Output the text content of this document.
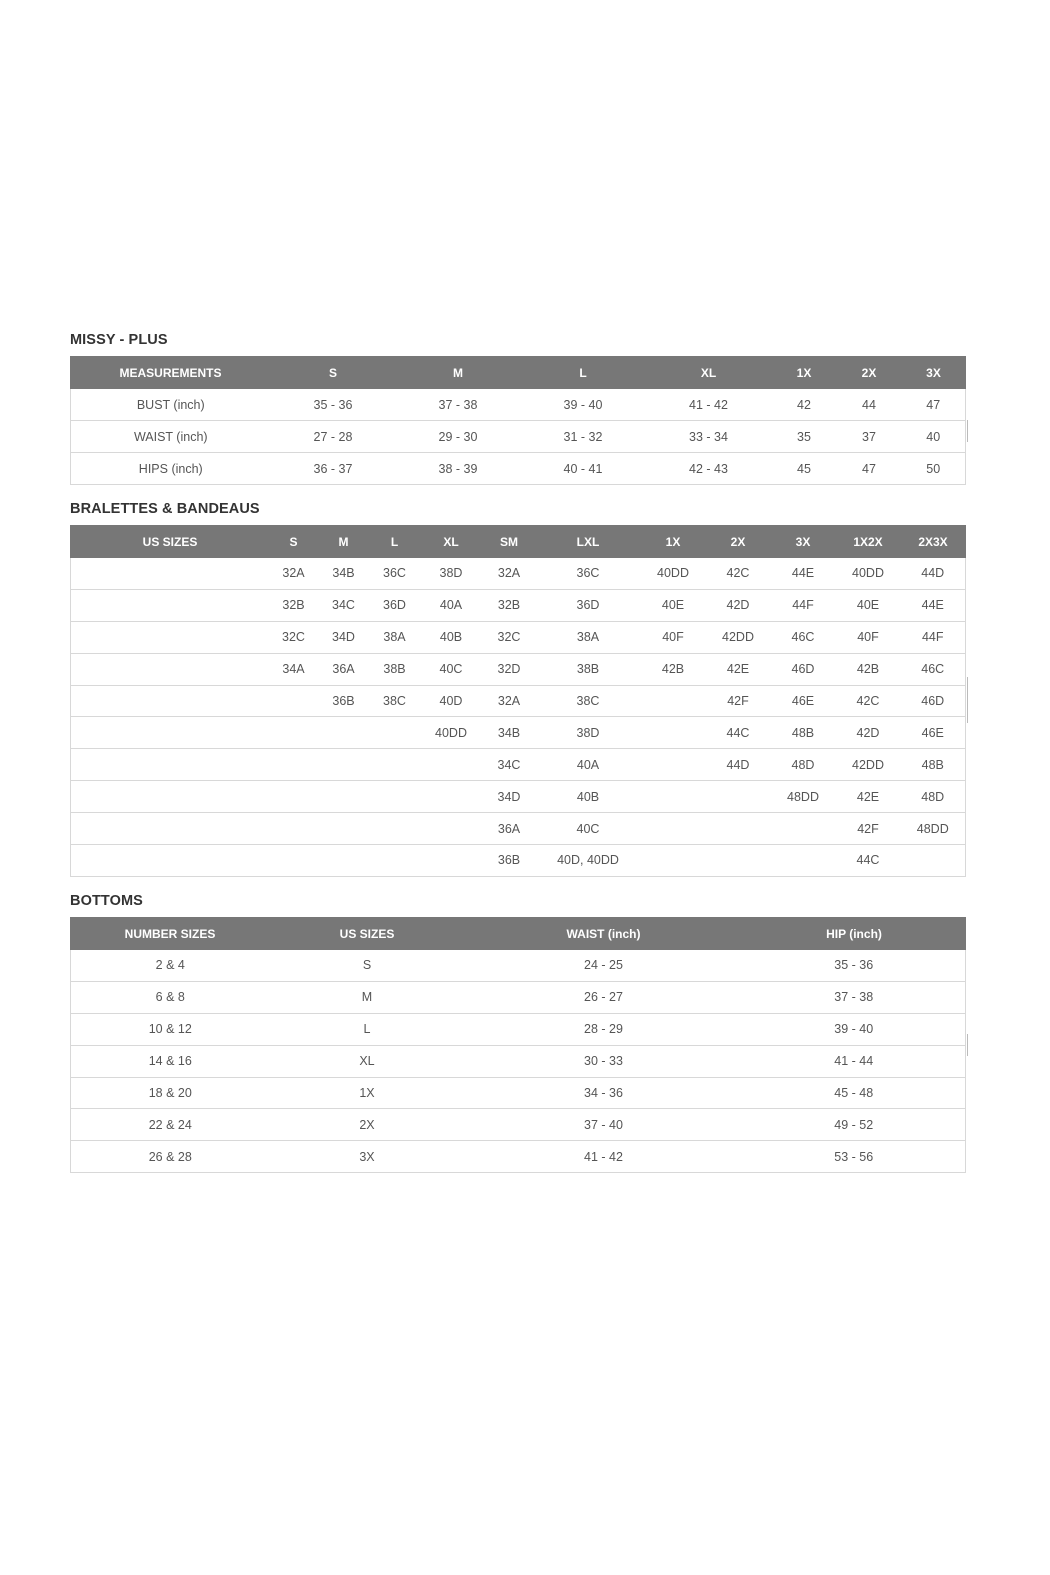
MISSY - PLUS
MEASUREMENTS	S	M	L	XL	1X	2X	3X
BUST (inch)	35 - 36	37 - 38	39 - 40	41 - 42	42	44	47
WAIST (inch)	27 - 28	29 - 30	31 - 32	33 - 34	35	37	40
HIPS (inch)	36 - 37	38 - 39	40 - 41	42 - 43	45	47	50
BRALETTES & BANDEAUS
US SIZES	S	M	L	XL	SM	LXL	1X	2X	3X	1X2X	2X3X
	32A	34B	36C	38D	32A	36C	40DD	42C	44E	40DD	44D
	32B	34C	36D	40A	32B	36D	40E	42D	44F	40E	44E
	32C	34D	38A	40B	32C	38A	40F	42DD	46C	40F	44F
	34A	36A	38B	40C	32D	38B	42B	42E	46D	42B	46C
		36B	38C	40D	32A	38C		42F	46E	42C	46D
				40DD	34B	38D		44C	48B	42D	46E
					34C	40A		44D	48D	42DD	48B
					34D	40B			48DD	42E	48D
					36A	40C				42F	48DD
					36B	40D, 40DD				44C	
BOTTOMS
NUMBER SIZES	US SIZES	WAIST (inch)	HIP (inch)
2 & 4	S	24 - 25	35 - 36
6 & 8	M	26 - 27	37 - 38
10 & 12	L	28 - 29	39 - 40
14 & 16	XL	30 - 33	41 - 44
18 & 20	1X	34 - 36	45 - 48
22 & 24	2X	37 - 40	49 - 52
26 & 28	3X	41 - 42	53 - 56
